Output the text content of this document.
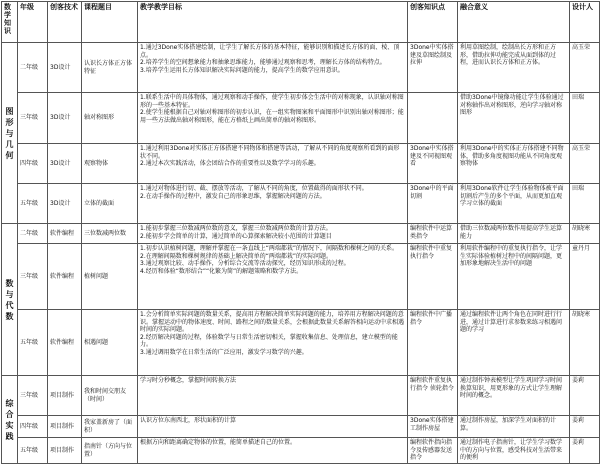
数学知识	年级	创客技术	课程题目	教学教学目标	创客知识点	融合意义	设计人
图形与几何	二年级	3D设计	认识长方体正方体特征	1.通过3Done实体搭建绘制，让学生了解长方体的基本特征，能够识别和描述长方体的面、棱、顶点。
2.培养学生的空间想象能力和抽象思维能力，能够通过观察和思考，理解长方体的结构特点。
3.培养学生运用长方体知识解决实际问题的能力，提高学生的数学应用意识。	3Done中实体搭建及草图绘制及拉伸	利用草图绘制，绘制出长方形和正方形，借助拉伸功能完成从面到体的过程，进而认识长方体和正方体。	高玉荣
	三年级	3D设计	轴对称图形	1.联系生活中的具体物体，通过观察和动手操作，使学生初步体会生活中的对称现象，认识轴对称图形的一些基本特征。
2.使学生能根据自己对轴对称图形的初步认识，在一组实物图案和平面图形中识别出轴对称图形；能用一些方法做出轴对称图形，能在方格纸上画出简单的轴对称图形。		借助3Done中镜像功能让学生体验通过对称轴作出对称图形，逆向学习轴对称图形	田瑞
	四年级	3D设计	观察物体	1.通过利用3Done对实体正方体搭建不同物体和搭建等活动，了解从不同的角度观察所看到的面形状不同。
2.通过本次实践活动，体会团结合作的重要性以及数学学习的乐趣。	3Done中实体搭建及不同视图观看	利用3Done中的实体正方体搭建不同物体，借助多角度视图功能从不同角度观察物体	高玉荣
	五年级	3D设计	立体的截面	1.通过对物体进行切、截、摆放等活动，了解从不同的角度，位置截得的面形状不同。
2.在动手操作的过程中，激发自己的形象思维，掌握解决问题的方法。	3Done中的平面切割	利用3Done软件让学生体验物体被平面切割后产生的多个平面，从而更加直观学习立体的截面	田瑞
数与代数	二年级	软件编程	三位数减两位数	1.能初步掌握三位数减两位数的意义，掌握三位数减两位数的计算方法。
2.能初步学会简单的计算，通过简单的心算探索解决较小范围的计算题目	编程软件中运算类指令	借助三位数减两位数作用提高学生运算能力	胡晓寒
	三年级	软件编程	植树问题	1.初步认识植树问题，理解并掌握在一条直线上“两端都栽”的情况下，间隔数和棵树之间的关系。
2.在理解间隔数和棵树规律的基础上解决简单的“两端都栽”的实际问题。
3.通过观察比较、动手操作，分析综合交流等活动探究，经历知识形成的过程。
4.经历和体验“数形结合”“化繁为简”的解题策略和数学方法。	编程软件中重复执行指令	利用软件编程中的重复执行指令，让学生实际体验植树过程中的间隔问题，更加形象地解决生活中的问题	童丹月
	五年级	软件编程	相遇问题	1.会分析简单实际问题的数量关系，提高用方程解决简单实际问题的能力，培养用方程解决问题的意识。掌握运动中的物体速度、时间、路程之间的数量关系，会根据此数量关系解答相向运动中求相遇时间的实际问题。
2.经历解决问题的过程，体验数学与日常生活密切相关，掌握收集信息、处理信息，建立模型的能力。
3.通过调用数学在日常生活的广泛应用，激发学习数学的兴趣。	编程软件中广播指令	通过编程软件让两个角色在同时进行行进，通过计算进行求参数来练习相遇问题的学习	胡晓寒
综合实践	三年级	项目制作	我和时间交朋友（时间）	学习时分秒概念，掌握时间转换方法	编程软件重复执行指令 侦轮指令	通过制作钟表模型让学生巩固学习时间换算知识，用更形象的方式让学生理解时间的概念。	姜莉
	四年级	项目制作	我家盖新房了（面积）	认识方位东南西北，形状面积的计算	3Done实体搭建工制作房屋	通过制作房屋，加深学生对面积的计算。	姜莉
	五年级	项目制作	指南针（方向与位置）	根据方向和距离确定物体的位置，能简单描述自己的位置。	编程软件指向指令及传感器发送指令	通过制作电子指南针，让学生学习数学中的方向与位置，感受科技对生活带来的便利	姜莉
